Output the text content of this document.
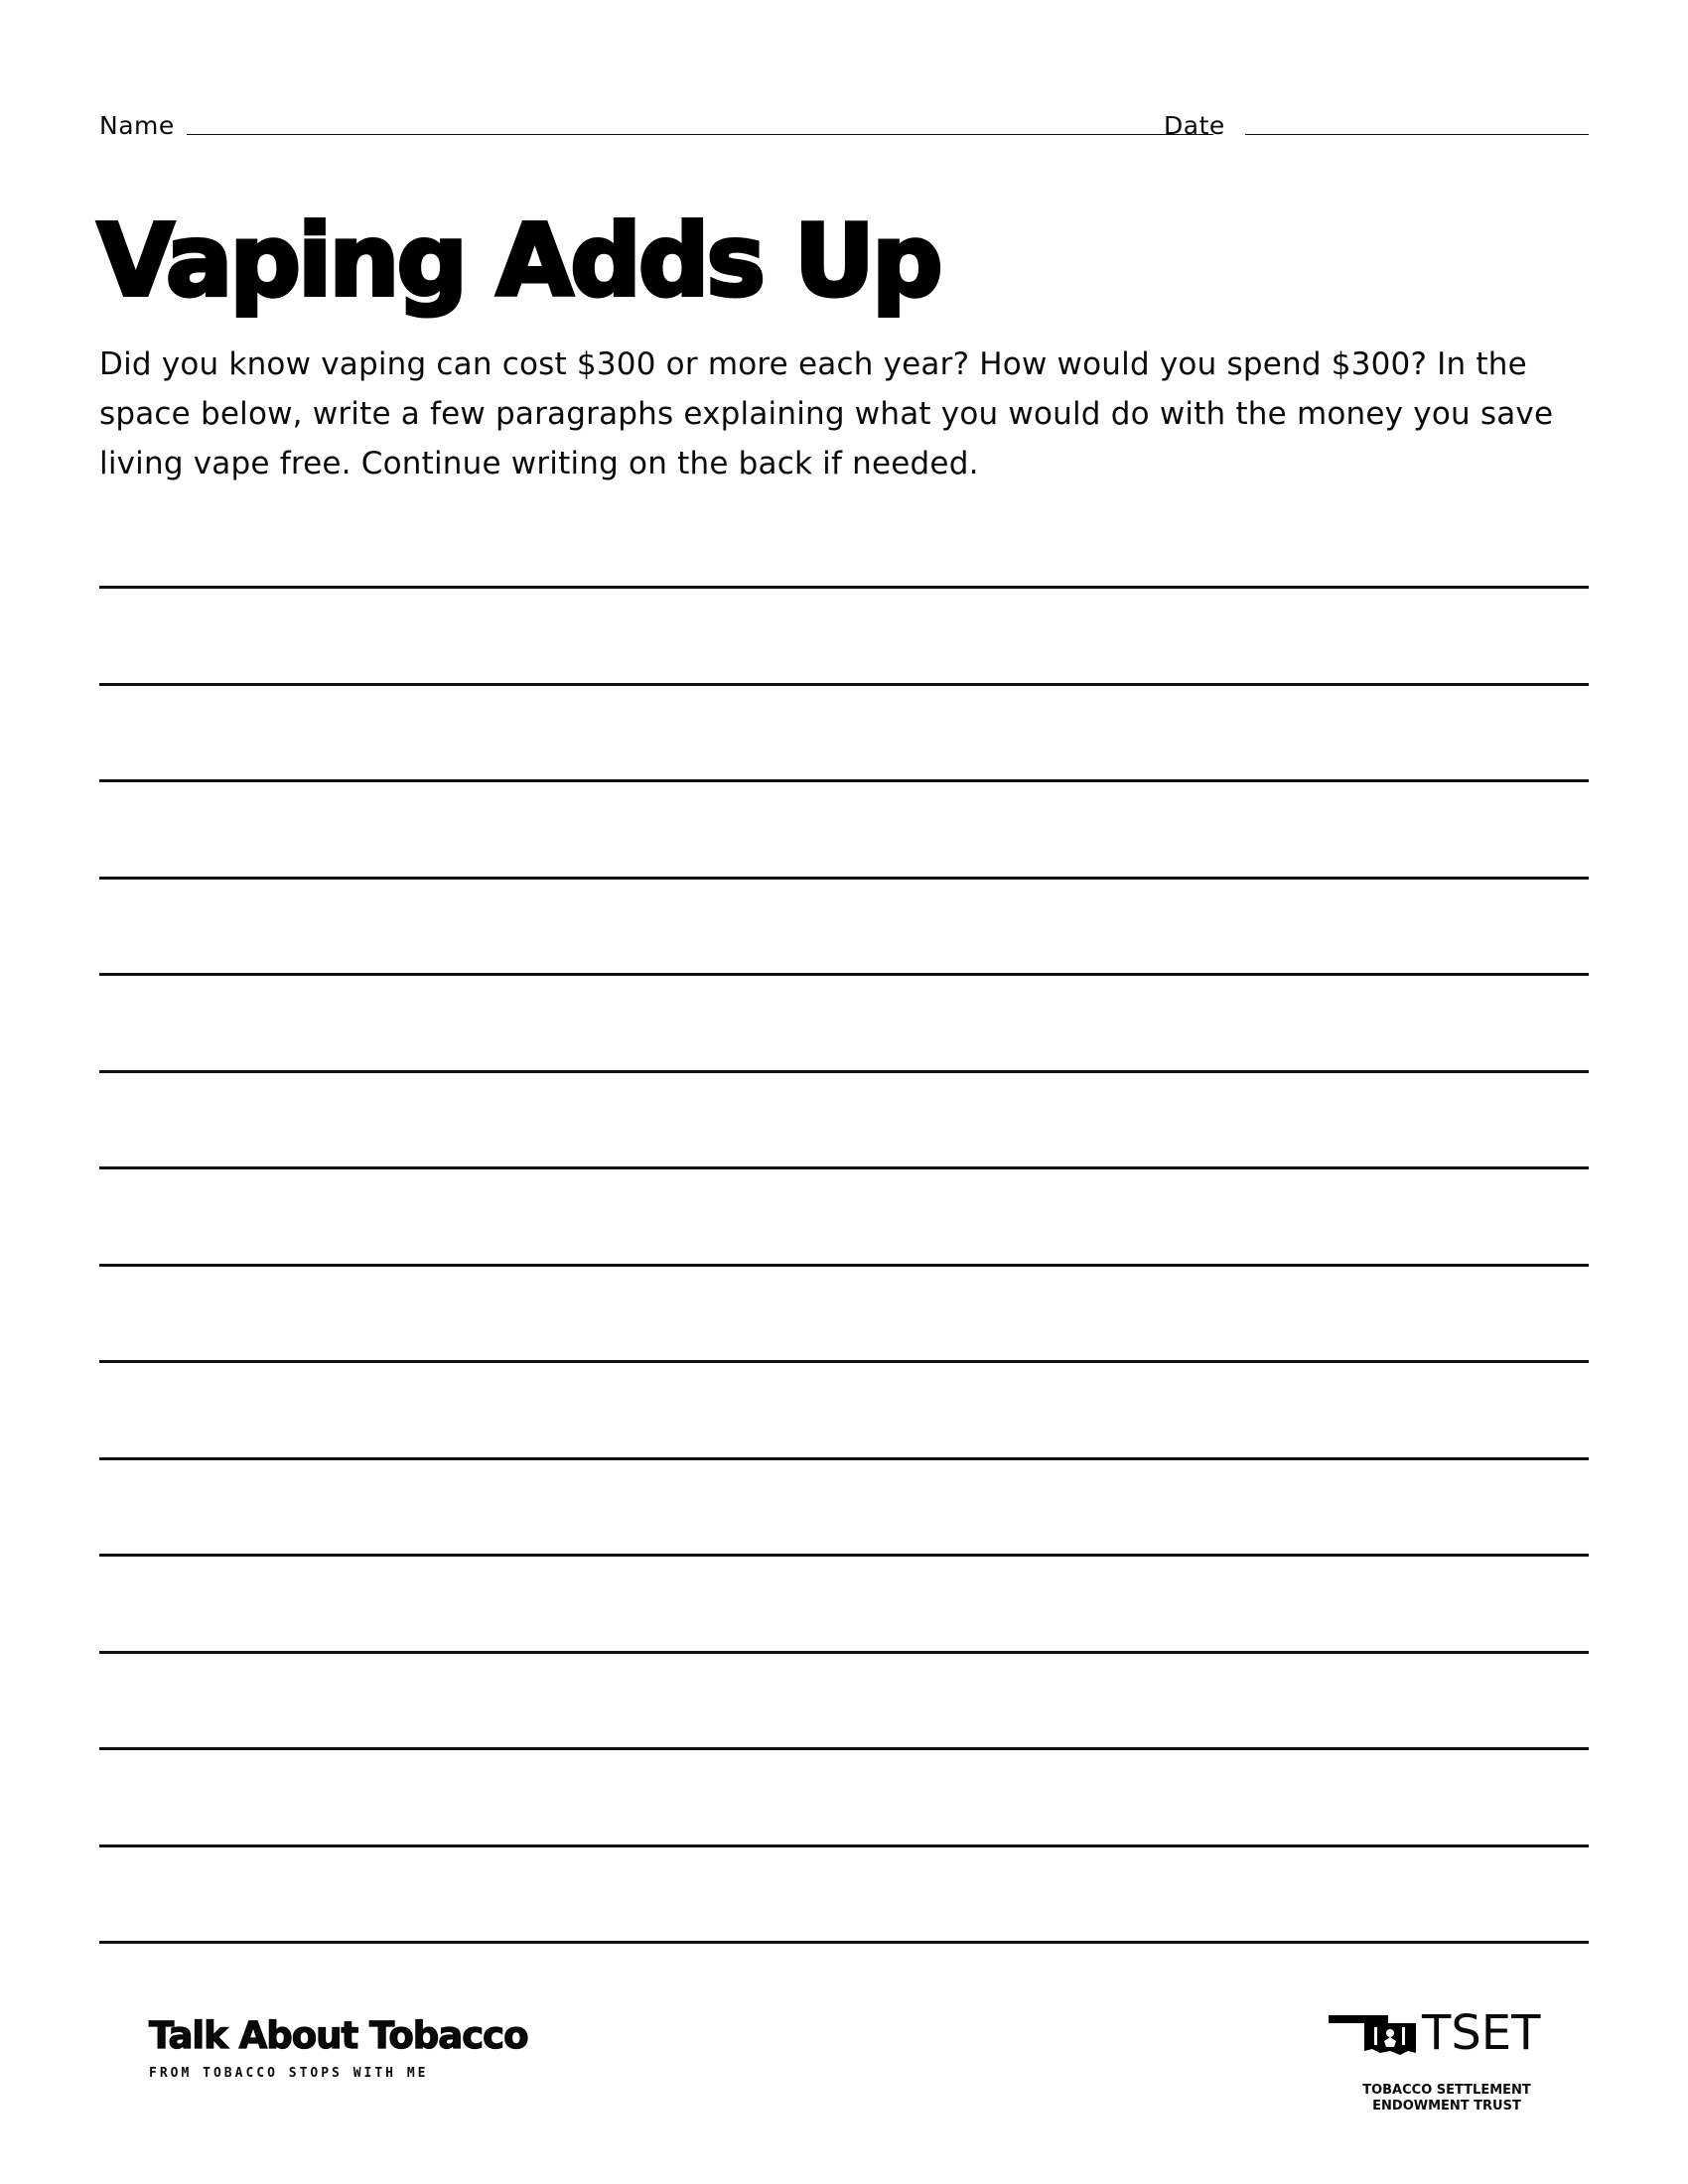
Name	Date
Vaping Adds Up

Did you know vaping can cost $300 or more each year? How would you spend $300? In the space below, write a few paragraphs explaining what you would do with the money you save living vape free. Continue writing on the back if needed.

Talk About Tobacco
FROM TOBACCO STOPS WITH ME
TSET
TOBACCO SETTLEMENT
ENDOWMENT TRUST
